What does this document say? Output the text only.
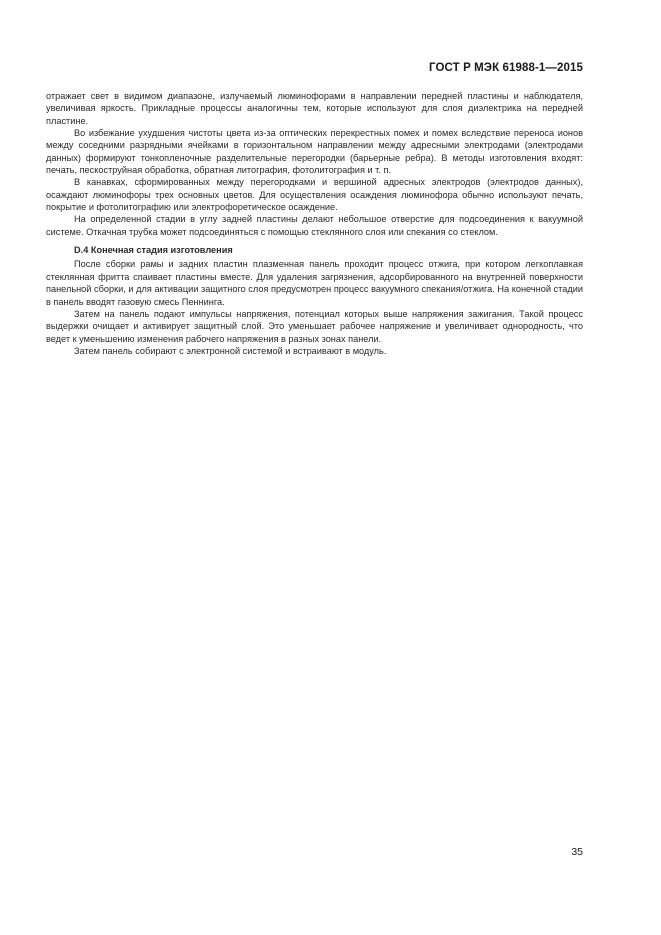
ГОСТ Р МЭК 61988-1—2015

отражает свет в видимом диапазоне, излучаемый люминофорами в направлении передней пластины и наблюдателя, увеличивая яркость. Прикладные процессы аналогичны тем, которые используют для слоя диэлектрика на передней пластине.

Во избежание ухудшения чистоты цвета из-за оптических перекрестных помех и помех вследствие переноса ионов между соседними разрядными ячейками в горизонтальном направлении между адресными электродами (электродами данных) формируют тонкопленочные разделительные перегородки (барьерные ребра). В методы изготовления входят: печать, пескоструйная обработка, обратная литография, фотолитография и т. п.

В канавках, сформированных между перегородками и вершиной адресных электродов (электродов данных), осаждают люминофоры трех основных цветов. Для осуществления осаждения люминофора обычно используют печать, покрытие и фотолитографию или электрофоретическое осаждение.

На определенной стадии в углу задней пластины делают небольшое отверстие для подсоединения к вакуумной системе. Откачная трубка может подсоединяться с помощью стеклянного слоя или спекания со стеклом.

D.4 Конечная стадия изготовления

После сборки рамы и задних пластин плазменная панель проходит процесс отжига, при котором легкоплавкая стеклянная фритта спаивает пластины вместе. Для удаления загрязнения, адсорбированного на внутренней поверхности панельной сборки, и для активации защитного слоя предусмотрен процесс вакуумного спекания/отжига. На конечной стадии в панель вводят газовую смесь Пеннинга.

Затем на панель подают импульсы напряжения, потенциал которых выше напряжения зажигания. Такой процесс выдержки очищает и активирует защитный слой. Это уменьшает рабочее напряжение и увеличивает однородность, что ведет к уменьшению изменения рабочего напряжения в разных зонах панели.

Затем панель собирают с электронной системой и встраивают в модуль.

35
